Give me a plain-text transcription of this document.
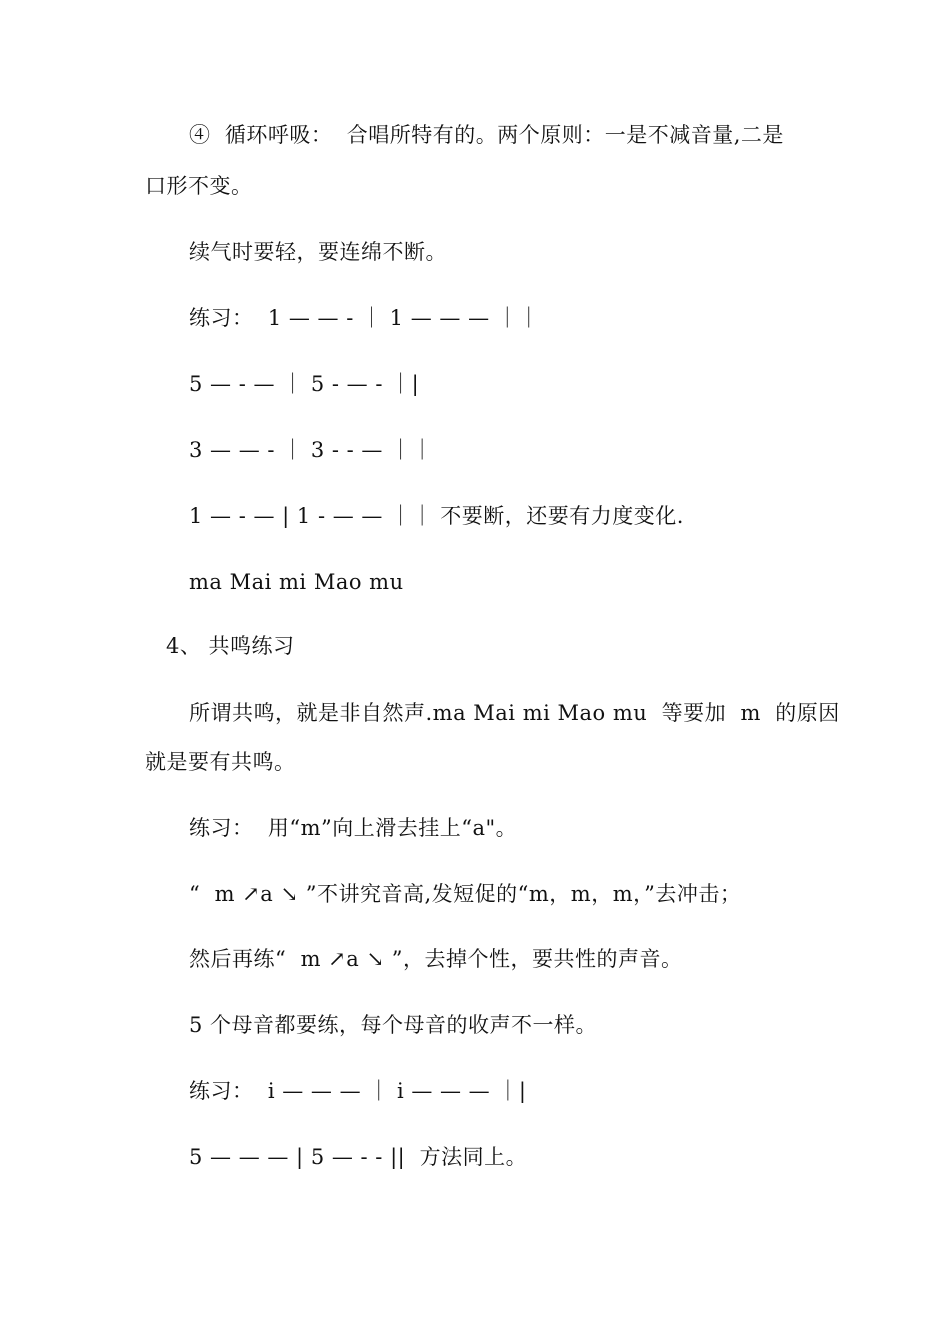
④  循环呼吸：  合唱所特有的。两个原则：一是不减音量,二是
口形不变。
续气时要轻，要连绵不断。
练习：  1 — — - ｜ 1 — — — ｜｜
5 — - — ｜ 5 - — - ｜|
3 — — - ｜ 3 - - — ｜｜
1 — - — | 1 - — — ｜｜ 不要断，还要有力度变化.
ma Mai mi Mao mu
4、 共鸣练习
所谓共鸣，就是非自然声.ma Mai mi Mao mu  等要加  m  的原因
就是要有共鸣。
练习：  用“m”向上滑去挂上“a"。
“  m ↗a ↘ ”不讲究音高,发短促的“m，m，m，”去冲击；
然后再练“  m ↗a ↘ ”，去掉个性，要共性的声音。
5 个母音都要练，每个母音的收声不一样。
练习：  i — — — ｜ i — — — ｜|
5 — — — | 5 — - - ||  方法同上。
